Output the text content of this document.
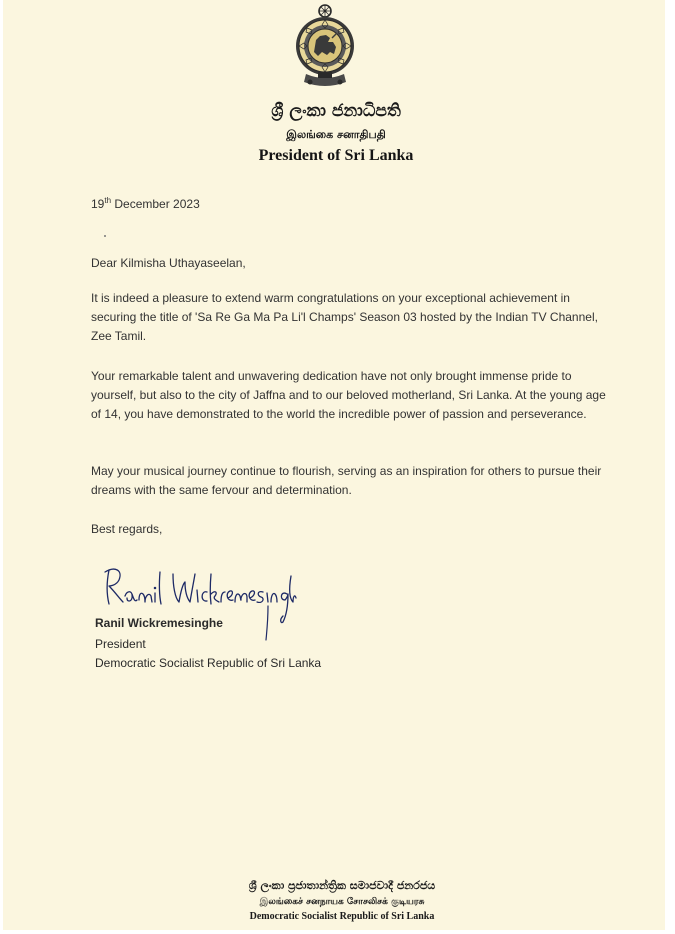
ශ්‍රී ලංකා ජනාධිපති
இலங்கை சனாதிபதி
President of Sri Lanka
19th December 2023
Dear Kilmisha Uthayaseelan,
It is indeed a pleasure to extend warm congratulations on your exceptional achievement in securing the title of 'Sa Re Ga Ma Pa Li'l Champs' Season 03 hosted by the Indian TV Channel, Zee Tamil.
Your remarkable talent and unwavering dedication have not only brought immense pride to yourself, but also to the city of Jaffna and to our beloved motherland, Sri Lanka. At the young age of 14, you have demonstrated to the world the incredible power of passion and perseverance.
May your musical journey continue to flourish, serving as an inspiration for others to pursue their dreams with the same fervour and determination.
Best regards,
Ranil Wickremesinghe
President
Democratic Socialist Republic of Sri Lanka
ශ්‍රී ලංකා ප්‍රජාතාන්ත්‍රික සමාජවාදී ජනරජය
இலங்கைச் சனநாயக சோசலிசக் குடியரசு
Democratic Socialist Republic of Sri Lanka
